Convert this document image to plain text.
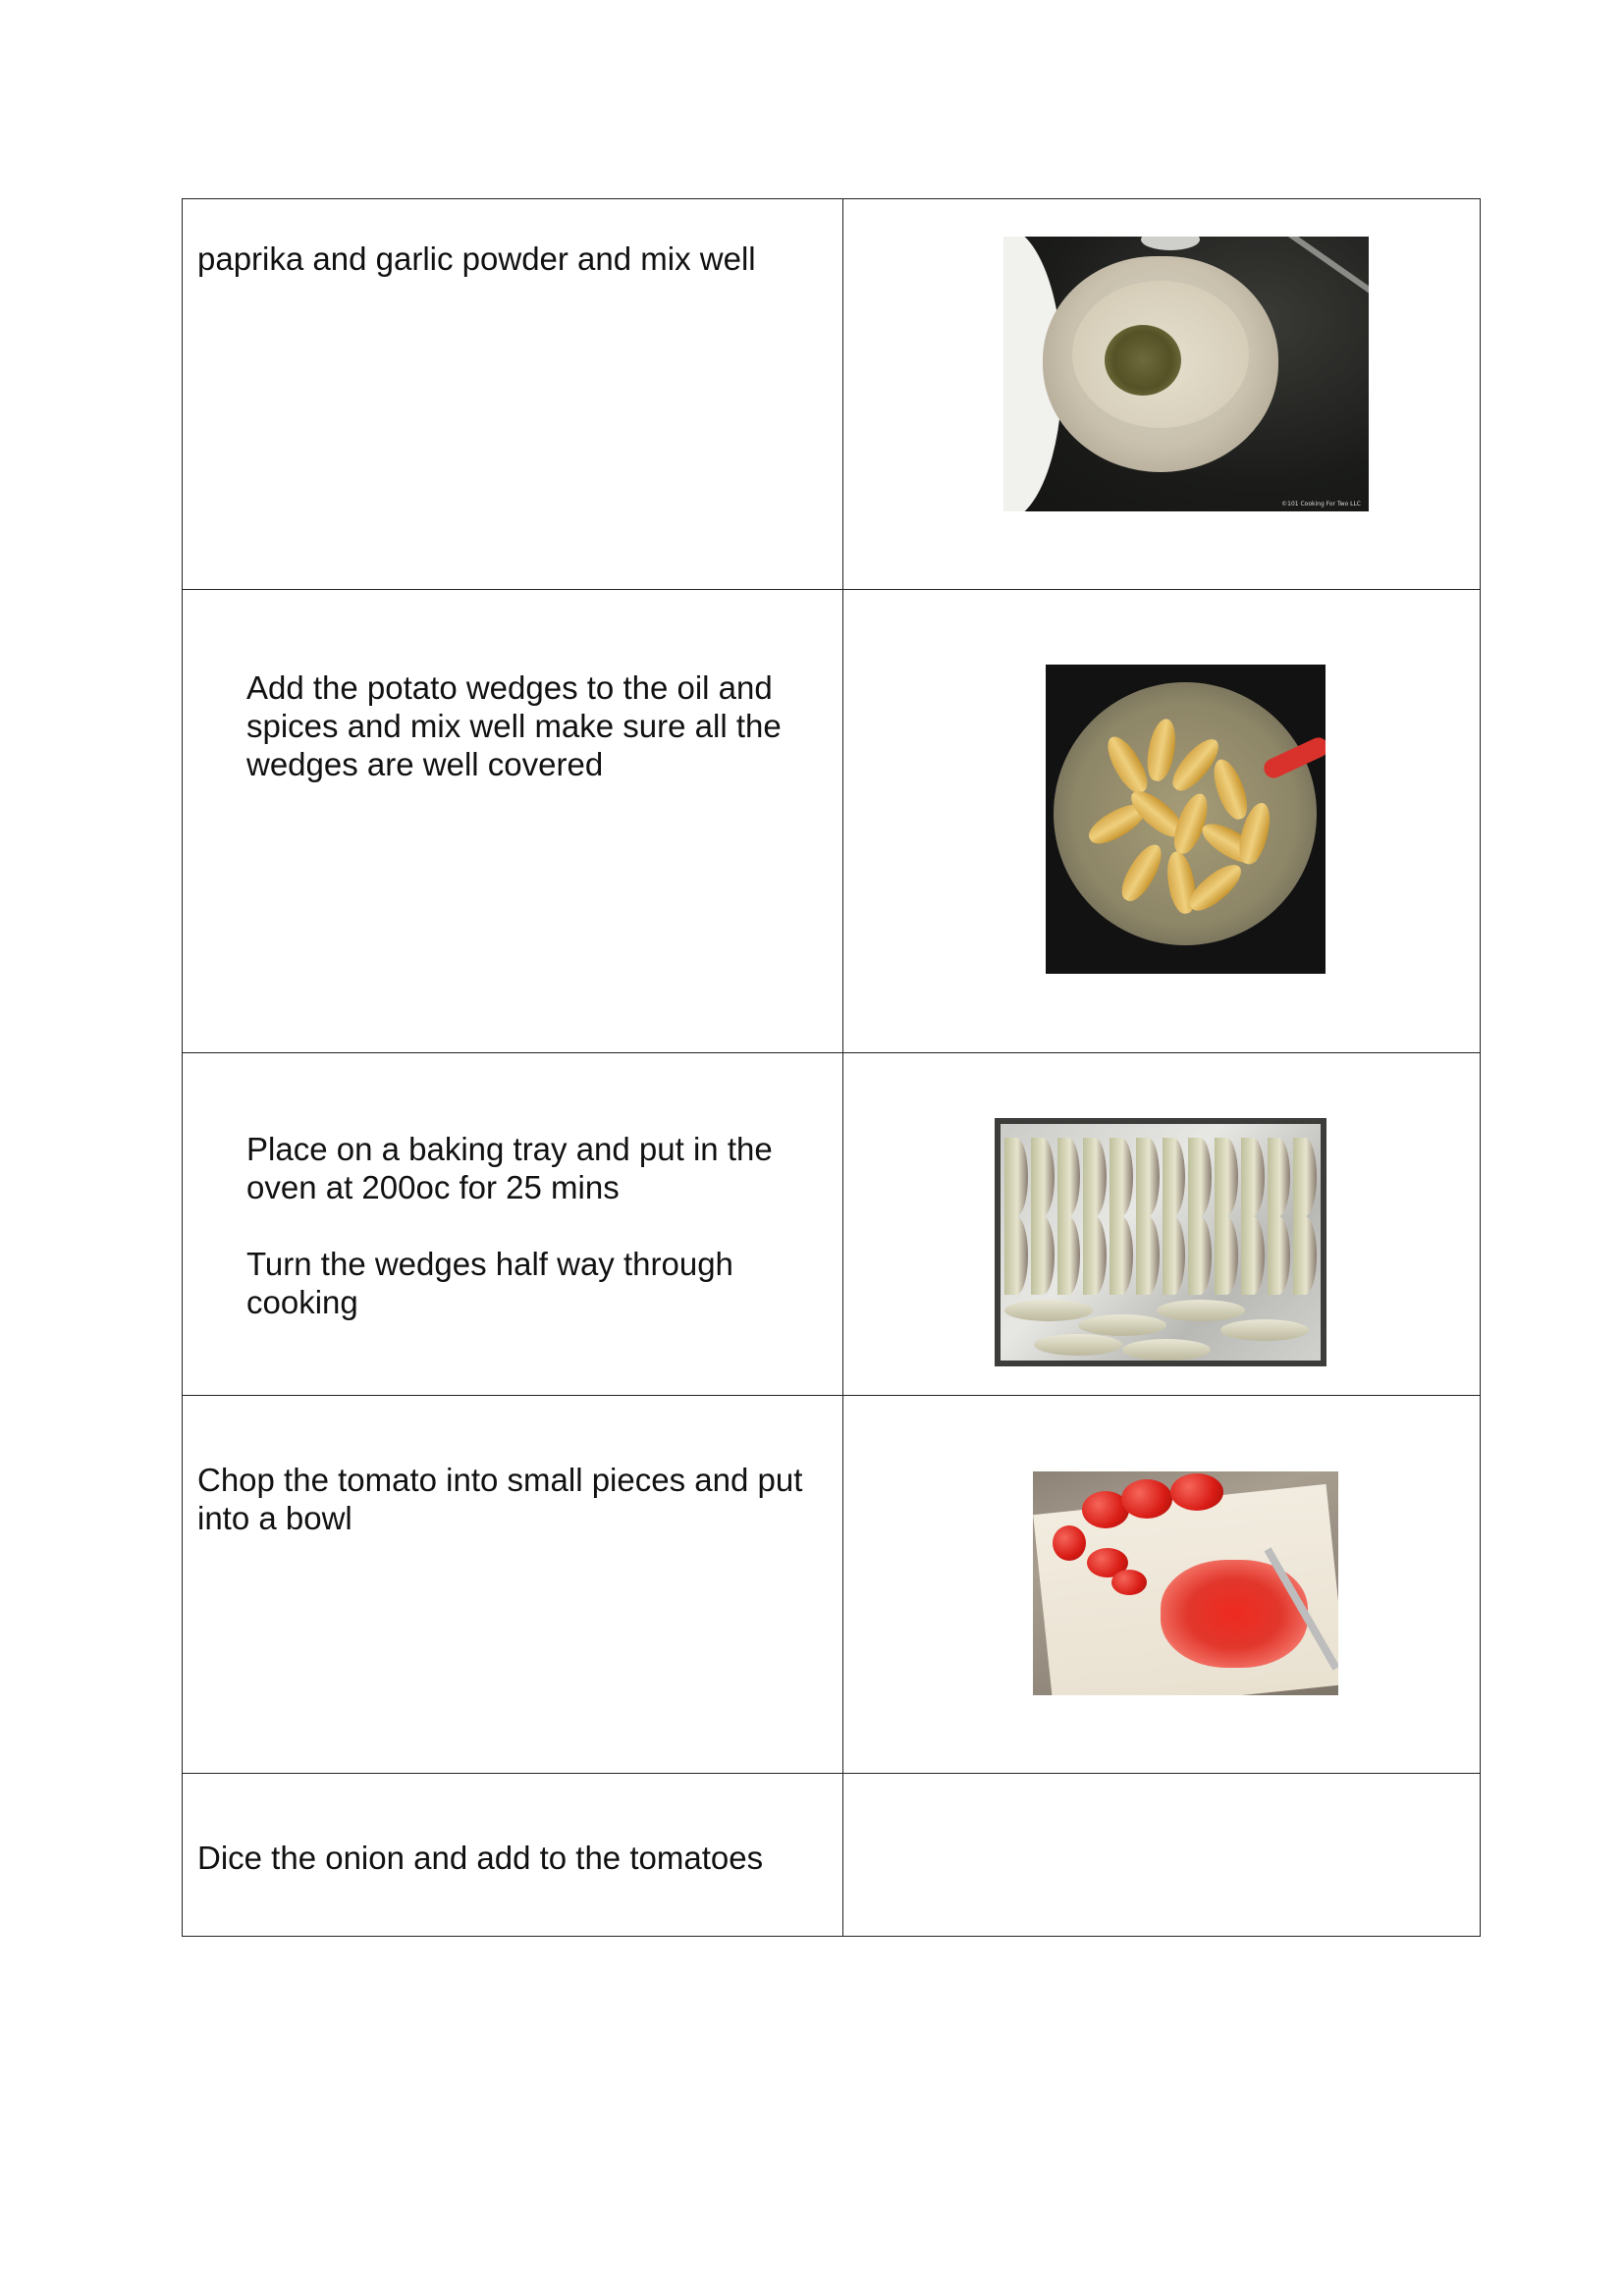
paprika and garlic powder and mix well	©101 Cooking For Two LLC

Add the potato wedges to the oil and spices and mix well make sure all the wedges are well covered	

Place on a baking tray and put in the oven at 200oc for 25 mins

Turn the wedges half way through cooking	

Chop the tomato into small pieces and put into a bowl	

Dice the onion and add to the tomatoes	
